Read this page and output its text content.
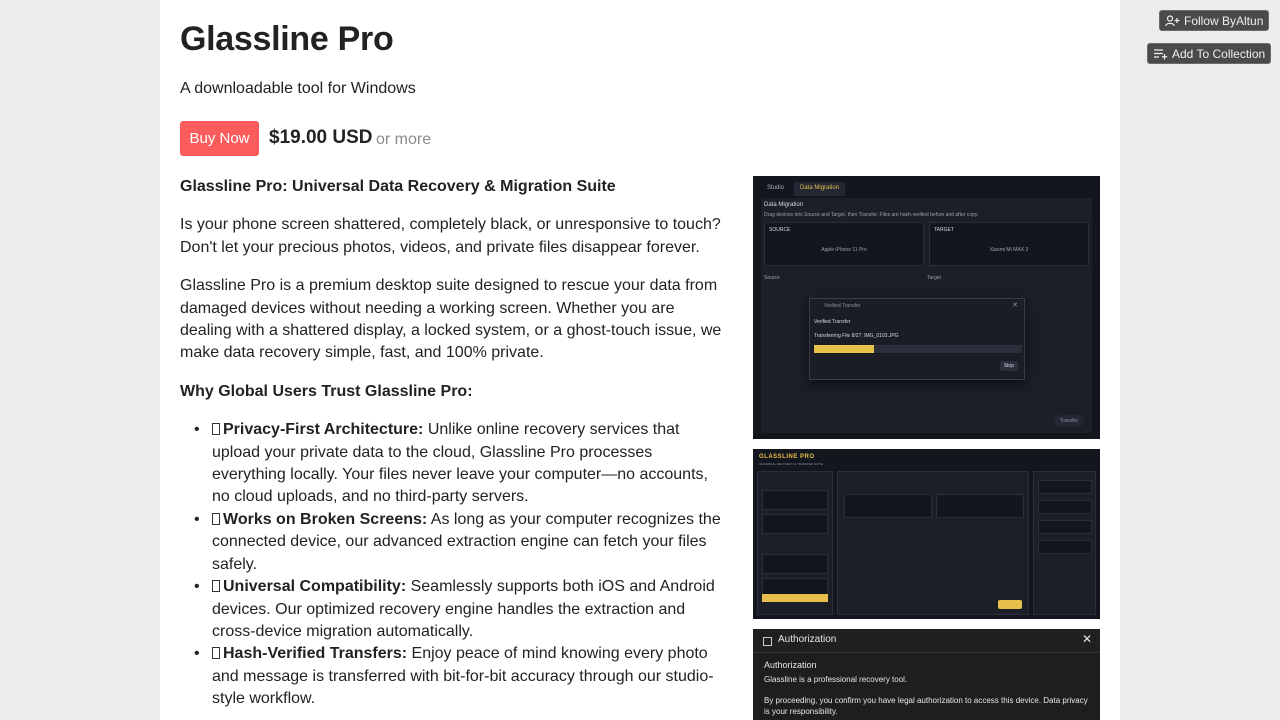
Follow ByAltun
Add To Collection
Glassline Pro
A downloadable tool for Windows
Buy Now	$19.00 USD or more

Glassline Pro: Universal Data Recovery & Migration Suite

Is your phone screen shattered, completely black, or unresponsive to touch? Don't let your precious photos, videos, and private files disappear forever.

Glassline Pro is a premium desktop suite designed to rescue your data from damaged devices without needing a working screen. Whether you are dealing with a shattered display, a locked system, or a ghost-touch issue, we make data recovery simple, fast, and 100% private.

Why Global Users Trust Glassline Pro:

• Privacy-First Architecture: Unlike online recovery services that upload your private data to the cloud, Glassline Pro processes everything locally. Your files never leave your computer—no accounts, no cloud uploads, and no third-party servers.
• Works on Broken Screens: As long as your computer recognizes the connected device, our advanced extraction engine can fetch your files safely.
• Universal Compatibility: Seamlessly supports both iOS and Android devices. Our optimized recovery engine handles the extraction and cross-device migration automatically.
• Hash-Verified Transfers: Enjoy peace of mind knowing every photo and message is transferred with bit-for-bit accuracy through our studio-style workflow.
Studio	Data Migration
Data Migration
Drag devices into Source and Target, then Transfer. Files are hash-verified before and after copy.
SOURCE
Apple iPhone 11 Pro
TARGET
Xiaomi MI MAX 3
Source	Target
Verified Transfer	✕
Verified Transfer
Transferring File 8/27: IMG_0103.JPG
Stop
Transfer
GLASSLINE PRO
UNIVERSAL RECOVERY & TRANSFER SUITE
Authorization	✕
Authorization
Glassline is a professional recovery tool.
By proceeding, you confirm you have legal authorization to access this device. Data privacy is your responsibility.
